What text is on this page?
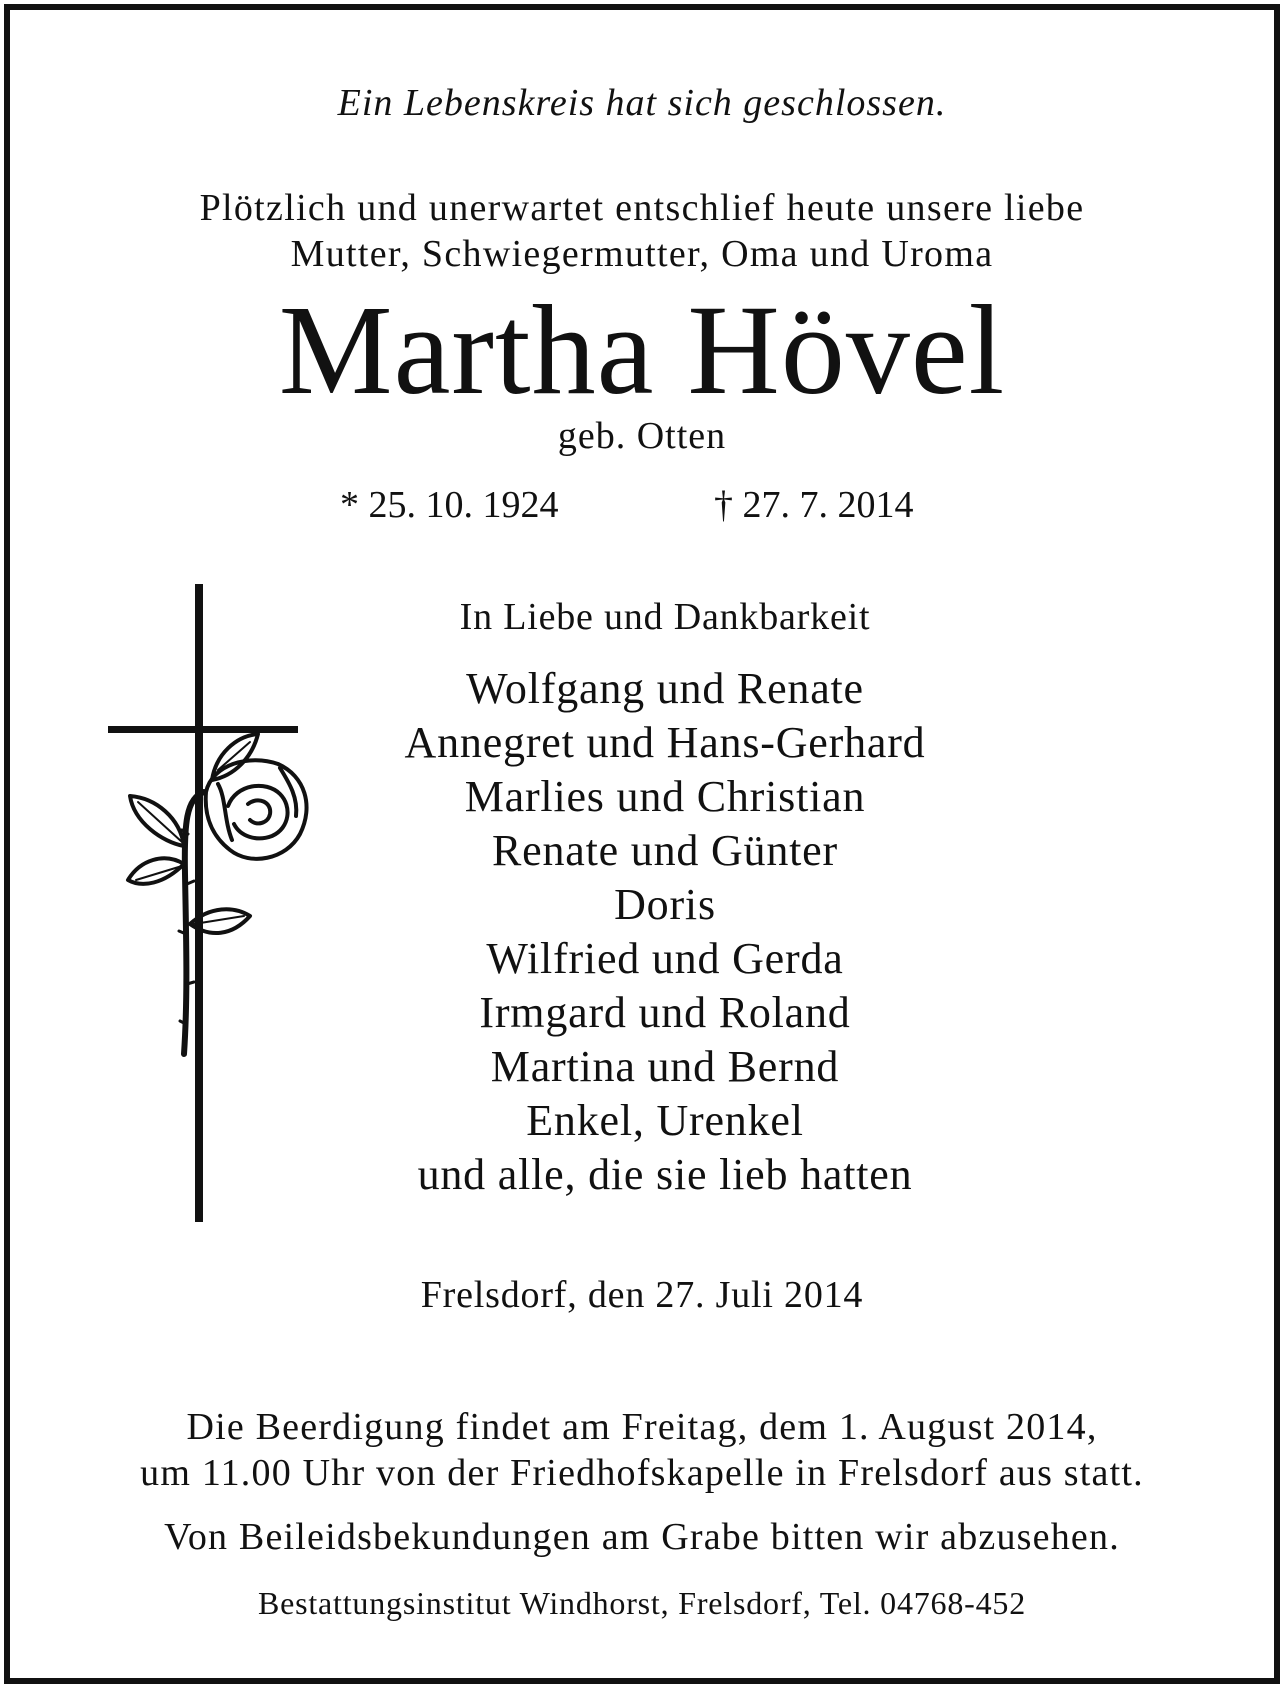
Ein Lebenskreis hat sich geschlossen.
Plötzlich und unerwartet entschlief heute unsere liebe
Mutter, Schwiegermutter, Oma und Uroma
Martha Hövel
geb. Otten
* 25. 10. 1924	† 27. 7. 2014
In Liebe und Dankbarkeit
Wolfgang und Renate
Annegret und Hans-Gerhard
Marlies und Christian
Renate und Günter
Doris
Wilfried und Gerda
Irmgard und Roland
Martina und Bernd
Enkel, Urenkel
und alle, die sie lieb hatten
Frelsdorf, den 27. Juli 2014
Die Beerdigung findet am Freitag, dem 1. August 2014,
um 11.00 Uhr von der Friedhofskapelle in Frelsdorf aus statt.
Von Beileidsbekundungen am Grabe bitten wir abzusehen.
Bestattungsinstitut Windhorst, Frelsdorf, Tel. 04768-452
